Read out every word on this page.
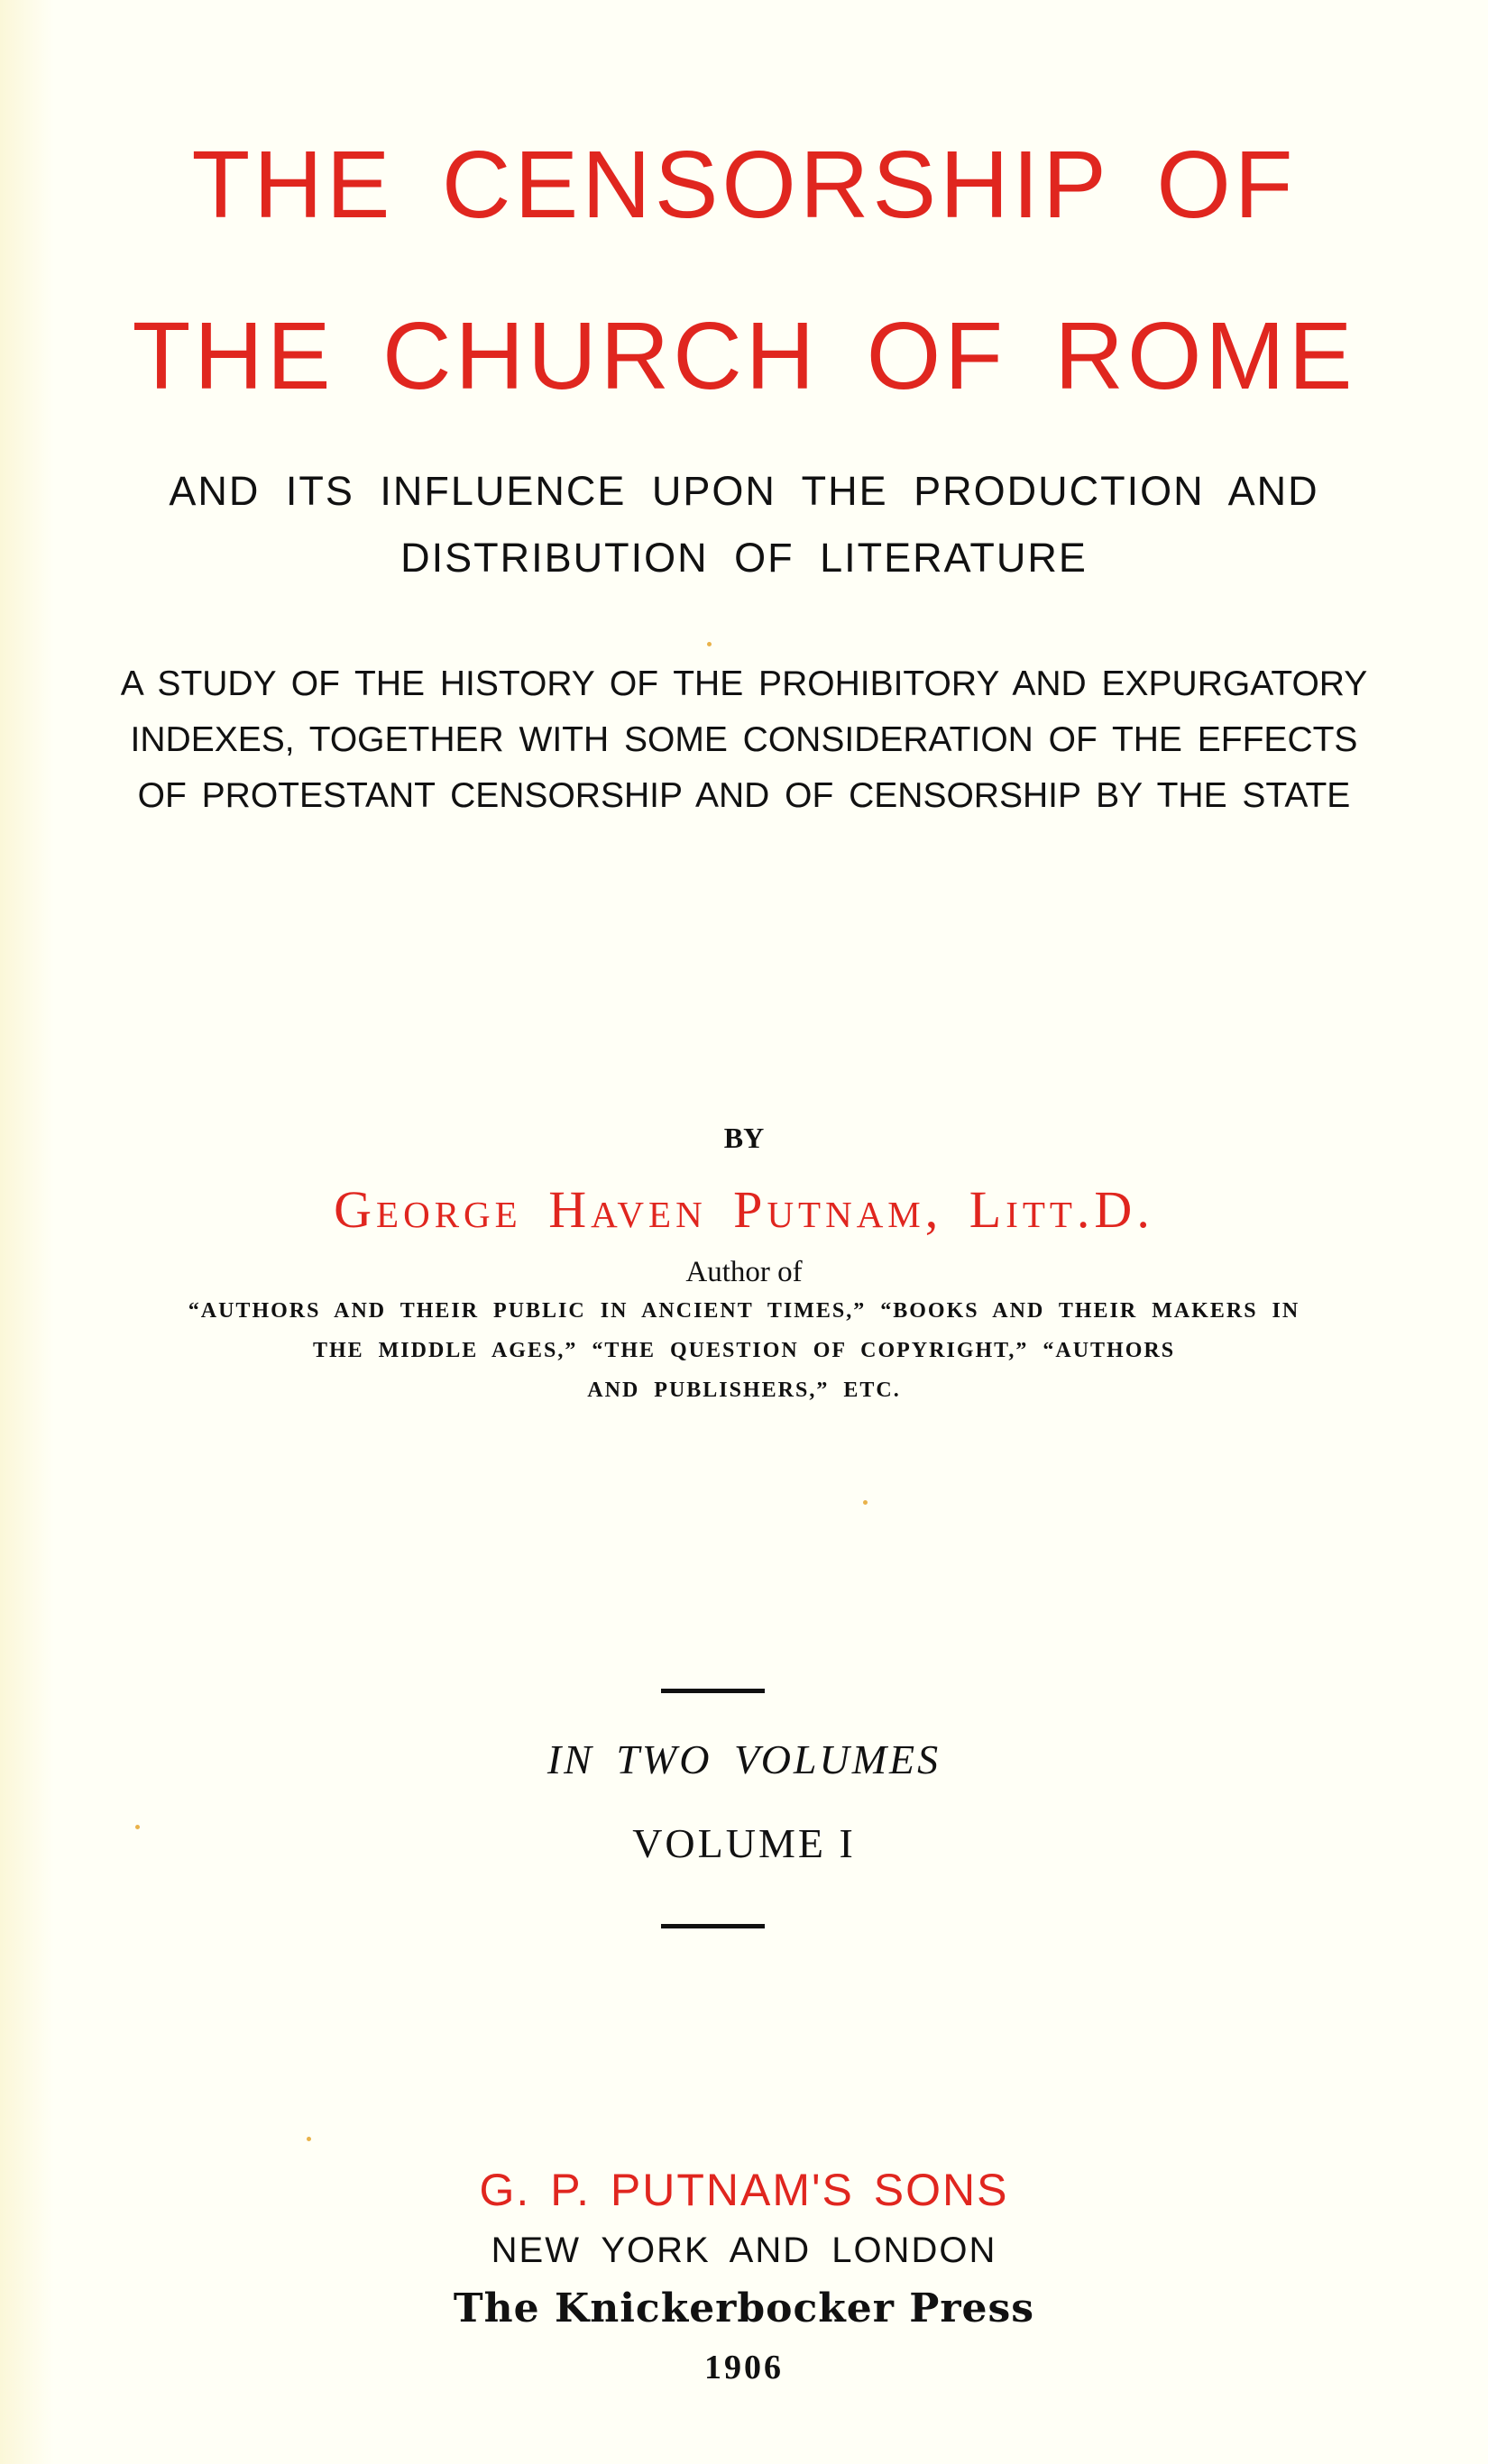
THE CENSORSHIP OF
THE CHURCH OF ROME
AND ITS INFLUENCE UPON THE PRODUCTION AND
DISTRIBUTION OF LITERATURE
A STUDY OF THE HISTORY OF THE PROHIBITORY AND EXPURGATORY
INDEXES, TOGETHER WITH SOME CONSIDERATION OF THE EFFECTS
OF PROTESTANT CENSORSHIP AND OF CENSORSHIP BY THE STATE
BY
George Haven Putnam, Litt.D.
Author of
“AUTHORS AND THEIR PUBLIC IN ANCIENT TIMES,” “BOOKS AND THEIR MAKERS IN
THE MIDDLE AGES,” “THE QUESTION OF COPYRIGHT,” “AUTHORS
AND PUBLISHERS,” ETC.
IN TWO VOLUMES
VOLUME I
G. P. PUTNAM'S SONS
NEW YORK AND LONDON
The Knickerbocker Press
1906
